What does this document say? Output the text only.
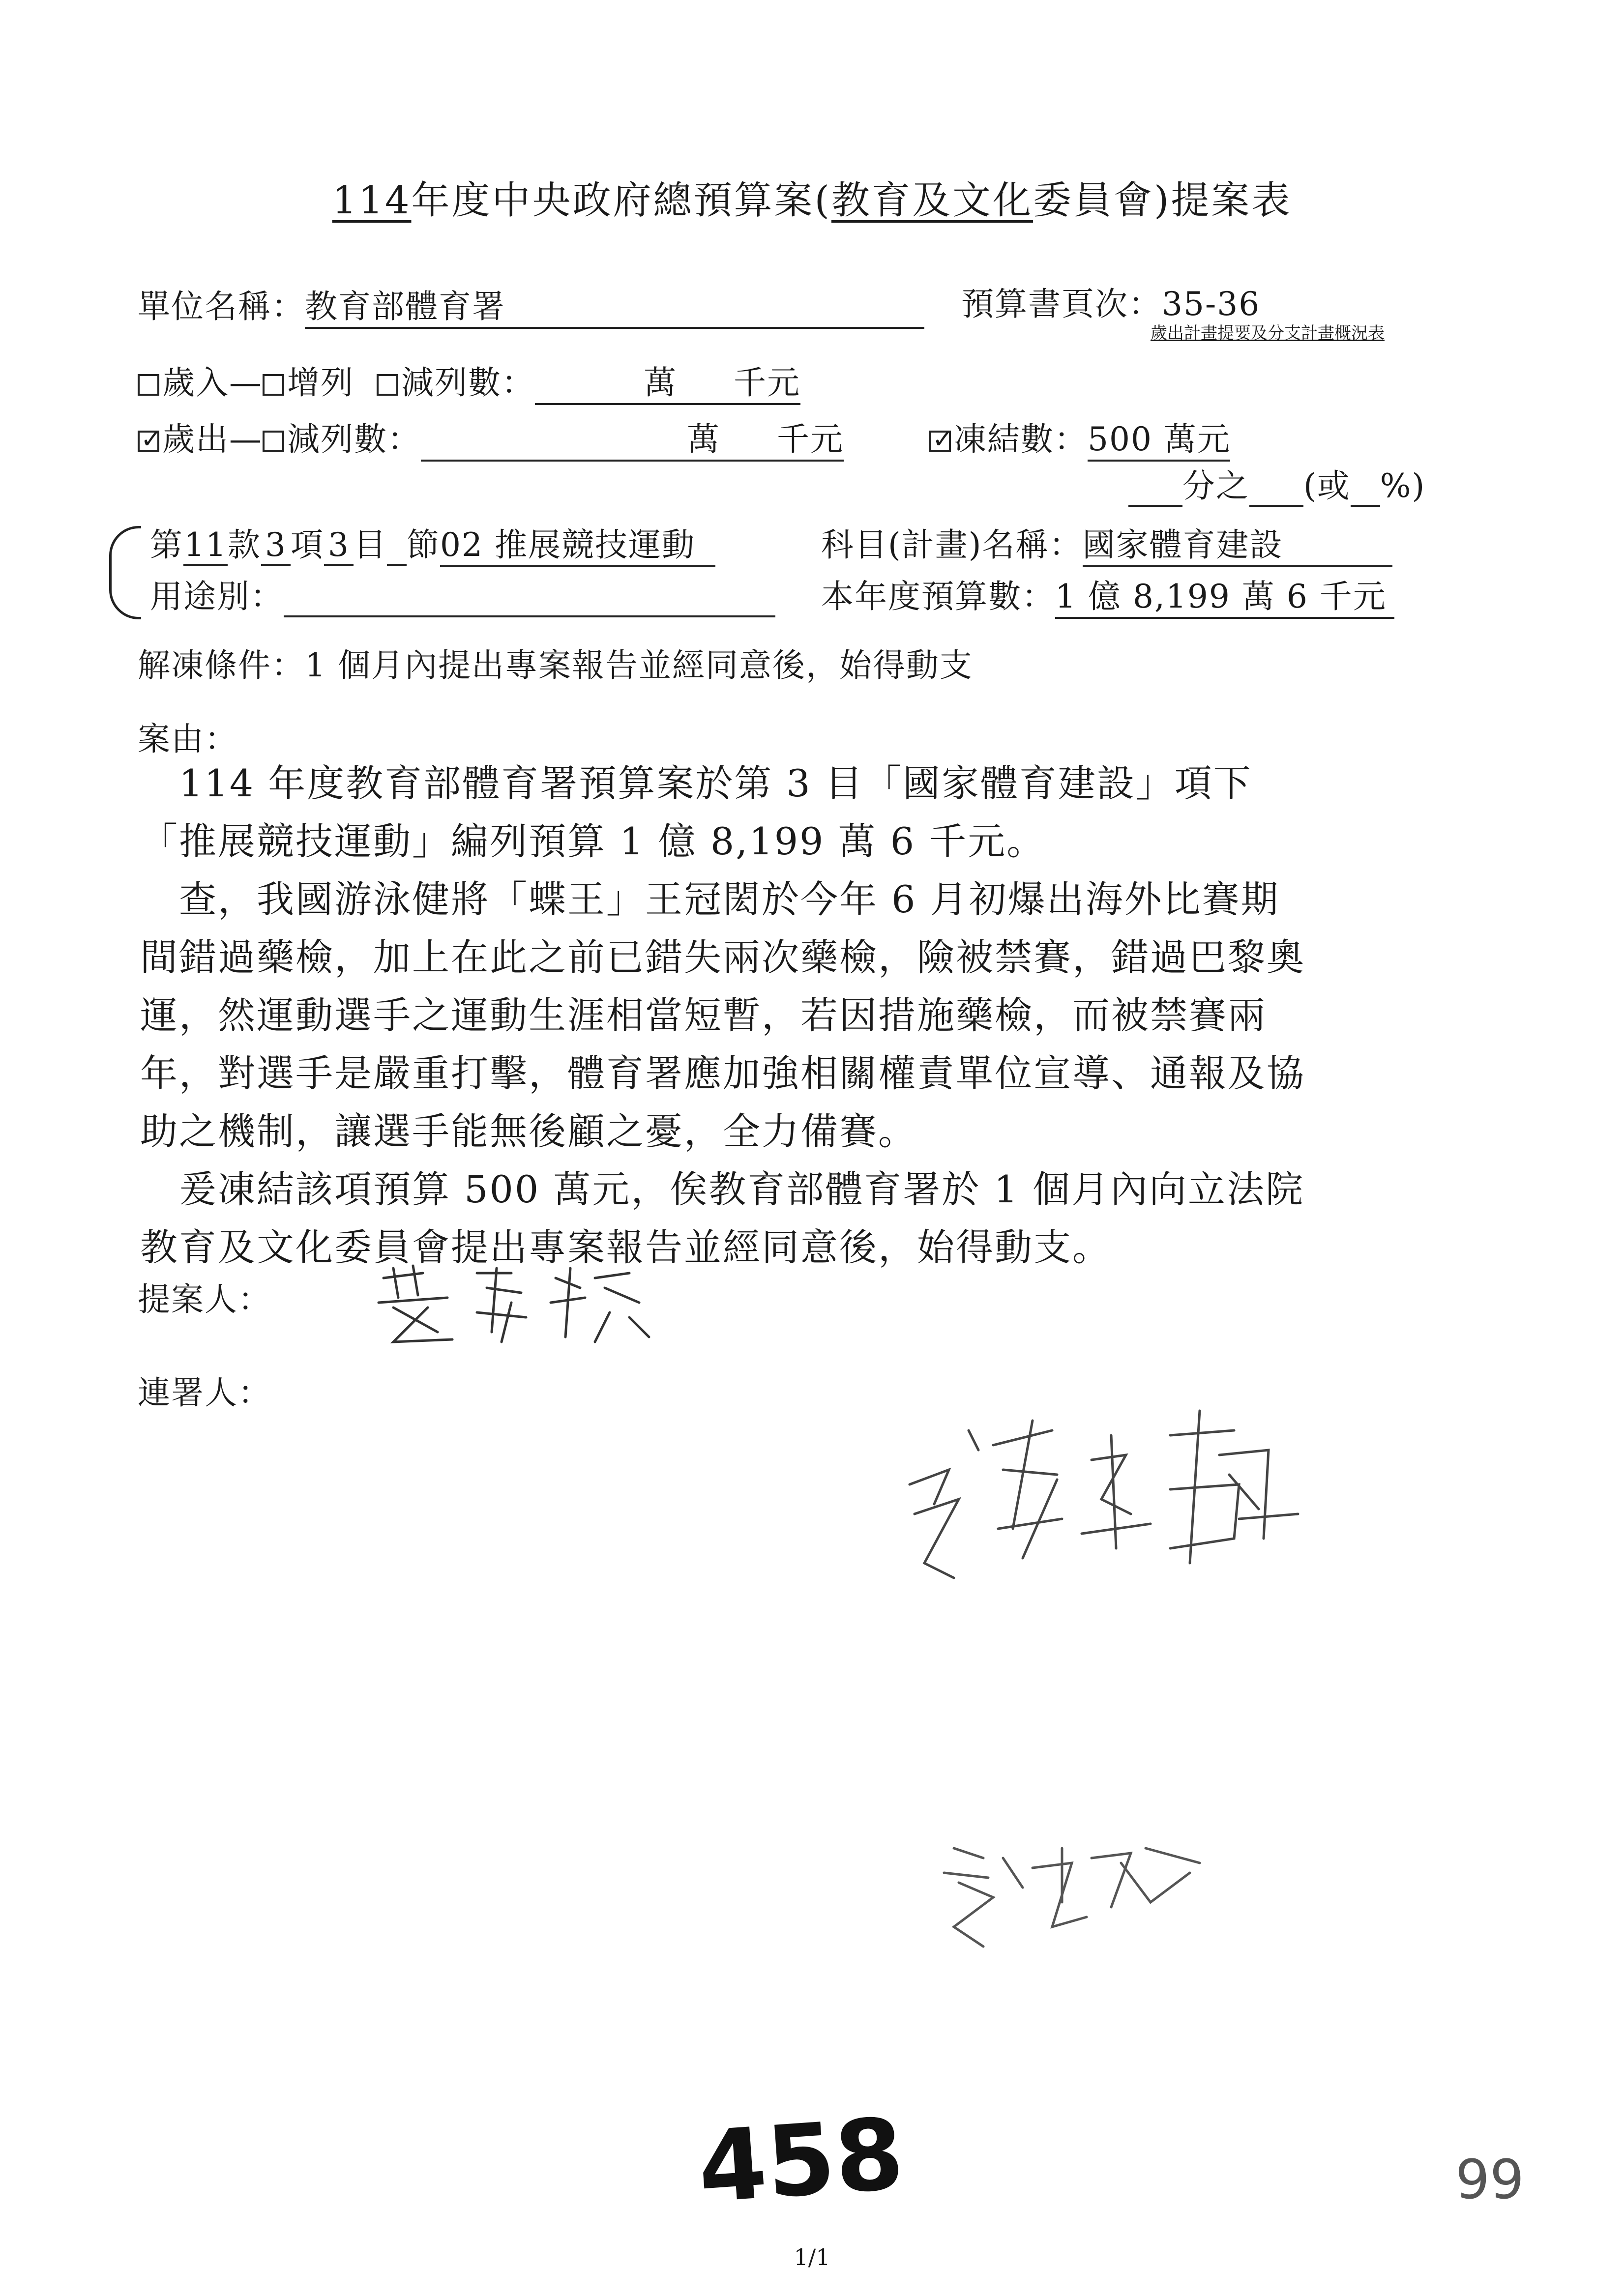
114年度中央政府總預算案(教育及文化委員會)提案表
單位名稱：教育部體育署	預算書頁次：35-36
歲出計畫提要及分支計畫概況表
歲入— 增列 減列數：	萬 千元
✓歲出— 減列數：	萬 千元
✓	凍結數：500 萬元
分之 (或 %)
第11款 3 項 3 目 節02 推展競技運動	科目(計畫)名稱：國家體育建設
用途別：	本年度預算數：1 億 8,199 萬 6 千元
解凍條件：1 個月內提出專案報告並經同意後，始得動支
案由：
　114 年度教育部體育署預算案於第 3 目「國家體育建設」項下
「推展競技運動」編列預算 1 億 8,199 萬 6 千元。
　查，我國游泳健將「蝶王」王冠閎於今年 6 月初爆出海外比賽期
間錯過藥檢，加上在此之前已錯失兩次藥檢，險被禁賽，錯過巴黎奧
運，然運動選手之運動生涯相當短暫，若因措施藥檢，而被禁賽兩
年，對選手是嚴重打擊，體育署應加強相關權責單位宣導、通報及協
助之機制，讓選手能無後顧之憂，全力備賽。
　爰凍結該項預算 500 萬元，俟教育部體育署於 1 個月內向立法院
教育及文化委員會提出專案報告並經同意後，始得動支。
提案人：
連署人：
458	99
1/1
